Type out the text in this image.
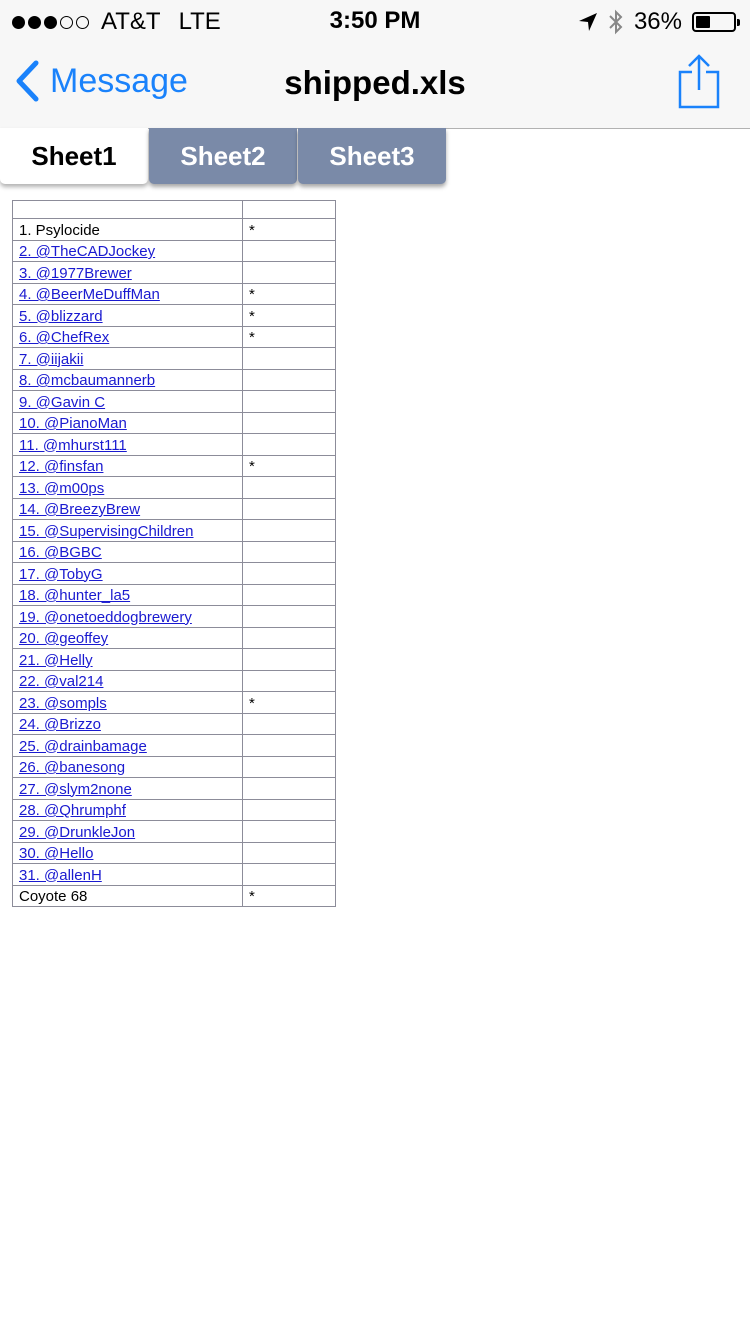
AT&T LTE	3:50 PM	36%
Message	shipped.xls
Sheet1	Sheet2	Sheet3

1. Psylocide	*
2. @TheCADJockey	
3. @1977Brewer	
4. @BeerMeDuffMan	*
5. @blizzard	*
6. @ChefRex	*
7. @iijakii	
8. @mcbaumannerb	
9. @Gavin C	
10. @PianoMan	
11. @mhurst111	
12. @finsfan	*
13. @m00ps	
14. @BreezyBrew	
15. @SupervisingChildren	
16. @BGBC	
17. @TobyG	
18. @hunter_la5	
19. @onetoeddogbrewery	
20. @geoffey	
21. @Helly	
22. @val214	
23. @sompls	*
24. @Brizzo	
25. @drainbamage	
26. @banesong	
27. @slym2none	
28. @Qhrumphf	
29. @DrunkleJon	
30. @Hello	
31. @allenH	
Coyote 68	*
